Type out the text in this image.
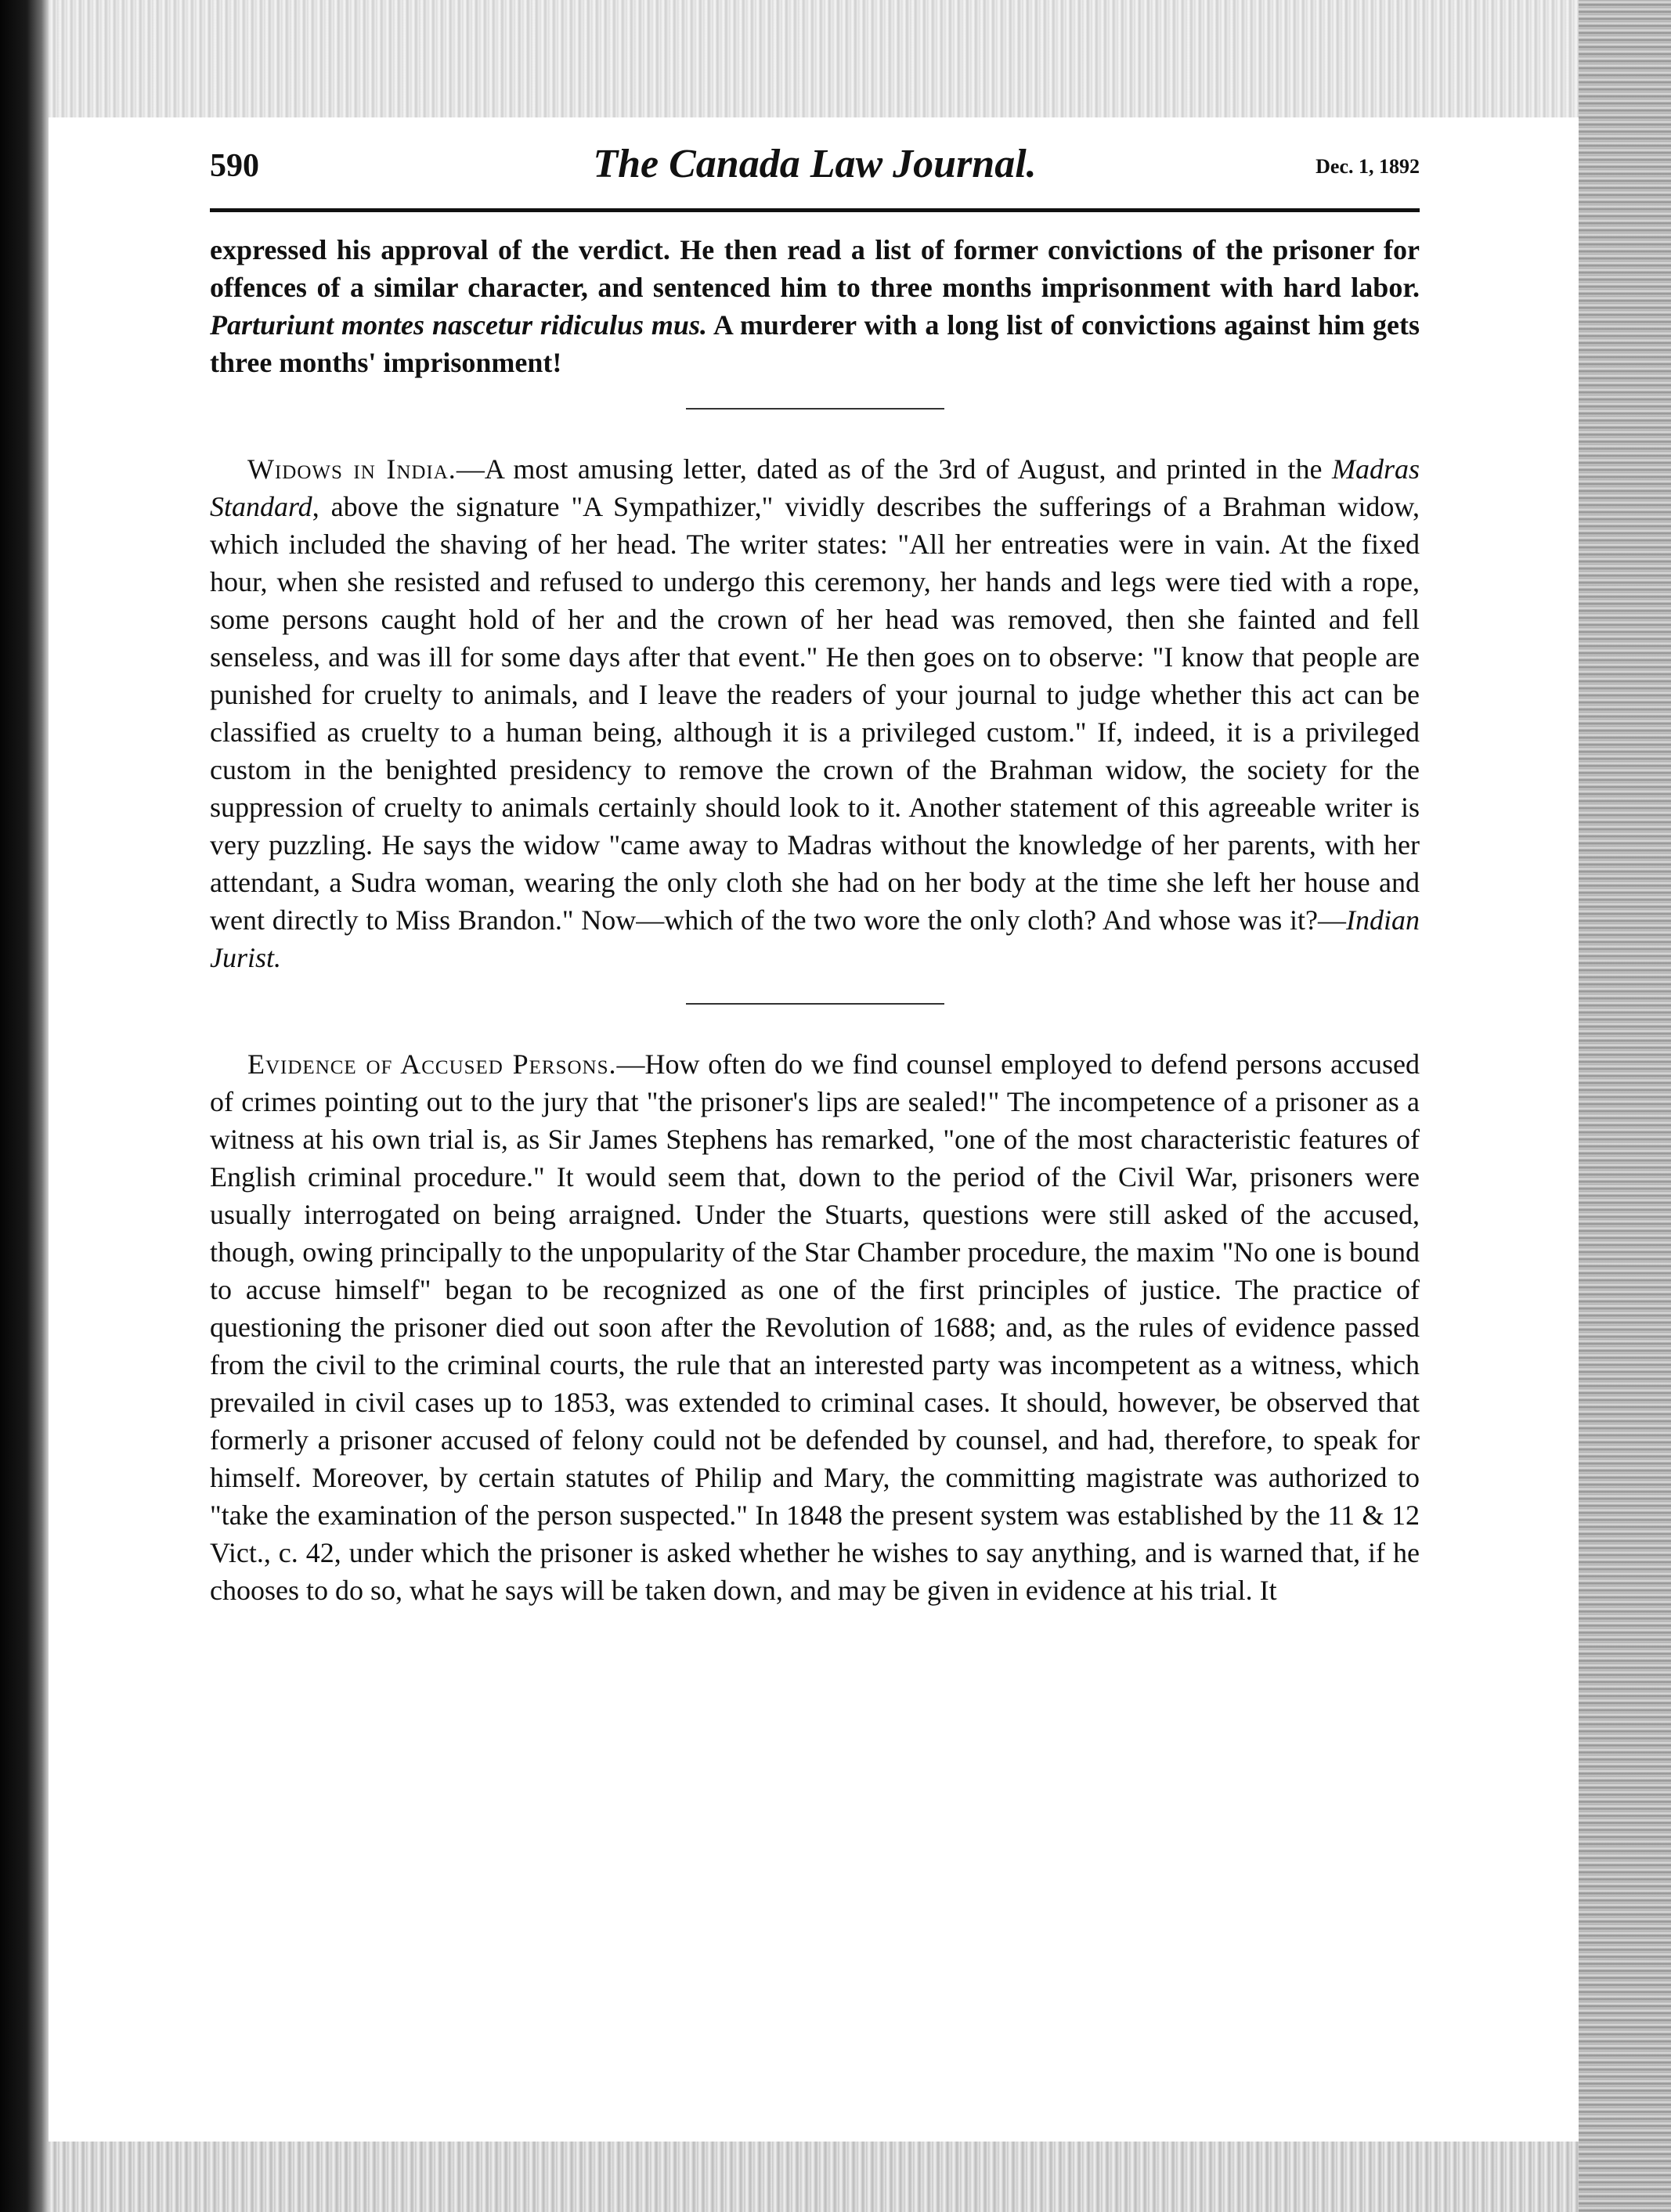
590	The Canada Law Journal.	Dec. 1, 1892

expressed his approval of the verdict. He then read a list of former convictions of the prisoner for offences of a similar character, and sentenced him to three months imprisonment with hard labor. Parturiunt montes nascetur ridiculus mus. A murderer with a long list of convictions against him gets three months' imprisonment!

Widows in India.—A most amusing letter, dated as of the 3rd of August, and printed in the Madras Standard, above the signature "A Sympathizer," vividly describes the sufferings of a Brahman widow, which included the shaving of her head. The writer states: "All her entreaties were in vain. At the fixed hour, when she resisted and refused to undergo this ceremony, her hands and legs were tied with a rope, some persons caught hold of her and the crown of her head was removed, then she fainted and fell senseless, and was ill for some days after that event." He then goes on to observe: "I know that people are punished for cruelty to animals, and I leave the readers of your journal to judge whether this act can be classified as cruelty to a human being, although it is a privileged custom." If, indeed, it is a privileged custom in the benighted presidency to remove the crown of the Brahman widow, the society for the suppression of cruelty to animals certainly should look to it. Another statement of this agreeable writer is very puzzling. He says the widow "came away to Madras without the knowledge of her parents, with her attendant, a Sudra woman, wearing the only cloth she had on her body at the time she left her house and went directly to Miss Brandon." Now—which of the two wore the only cloth? And whose was it?—Indian Jurist.

Evidence of Accused Persons.—How often do we find counsel employed to defend persons accused of crimes pointing out to the jury that "the prisoner's lips are sealed!" The incompetence of a prisoner as a witness at his own trial is, as Sir James Stephens has remarked, "one of the most characteristic features of English criminal procedure." It would seem that, down to the period of the Civil War, prisoners were usually interrogated on being arraigned. Under the Stuarts, questions were still asked of the accused, though, owing principally to the unpopularity of the Star Chamber procedure, the maxim "No one is bound to accuse himself" began to be recognized as one of the first principles of justice. The practice of questioning the prisoner died out soon after the Revolution of 1688; and, as the rules of evidence passed from the civil to the criminal courts, the rule that an interested party was incompetent as a witness, which prevailed in civil cases up to 1853, was extended to criminal cases. It should, however, be observed that formerly a prisoner accused of felony could not be defended by counsel, and had, therefore, to speak for himself. Moreover, by certain statutes of Philip and Mary, the committing magistrate was authorized to "take the examination of the person suspected." In 1848 the present system was established by the 11 & 12 Vict., c. 42, under which the prisoner is asked whether he wishes to say anything, and is warned that, if he chooses to do so, what he says will be taken down, and may be given in evidence at his trial. It
